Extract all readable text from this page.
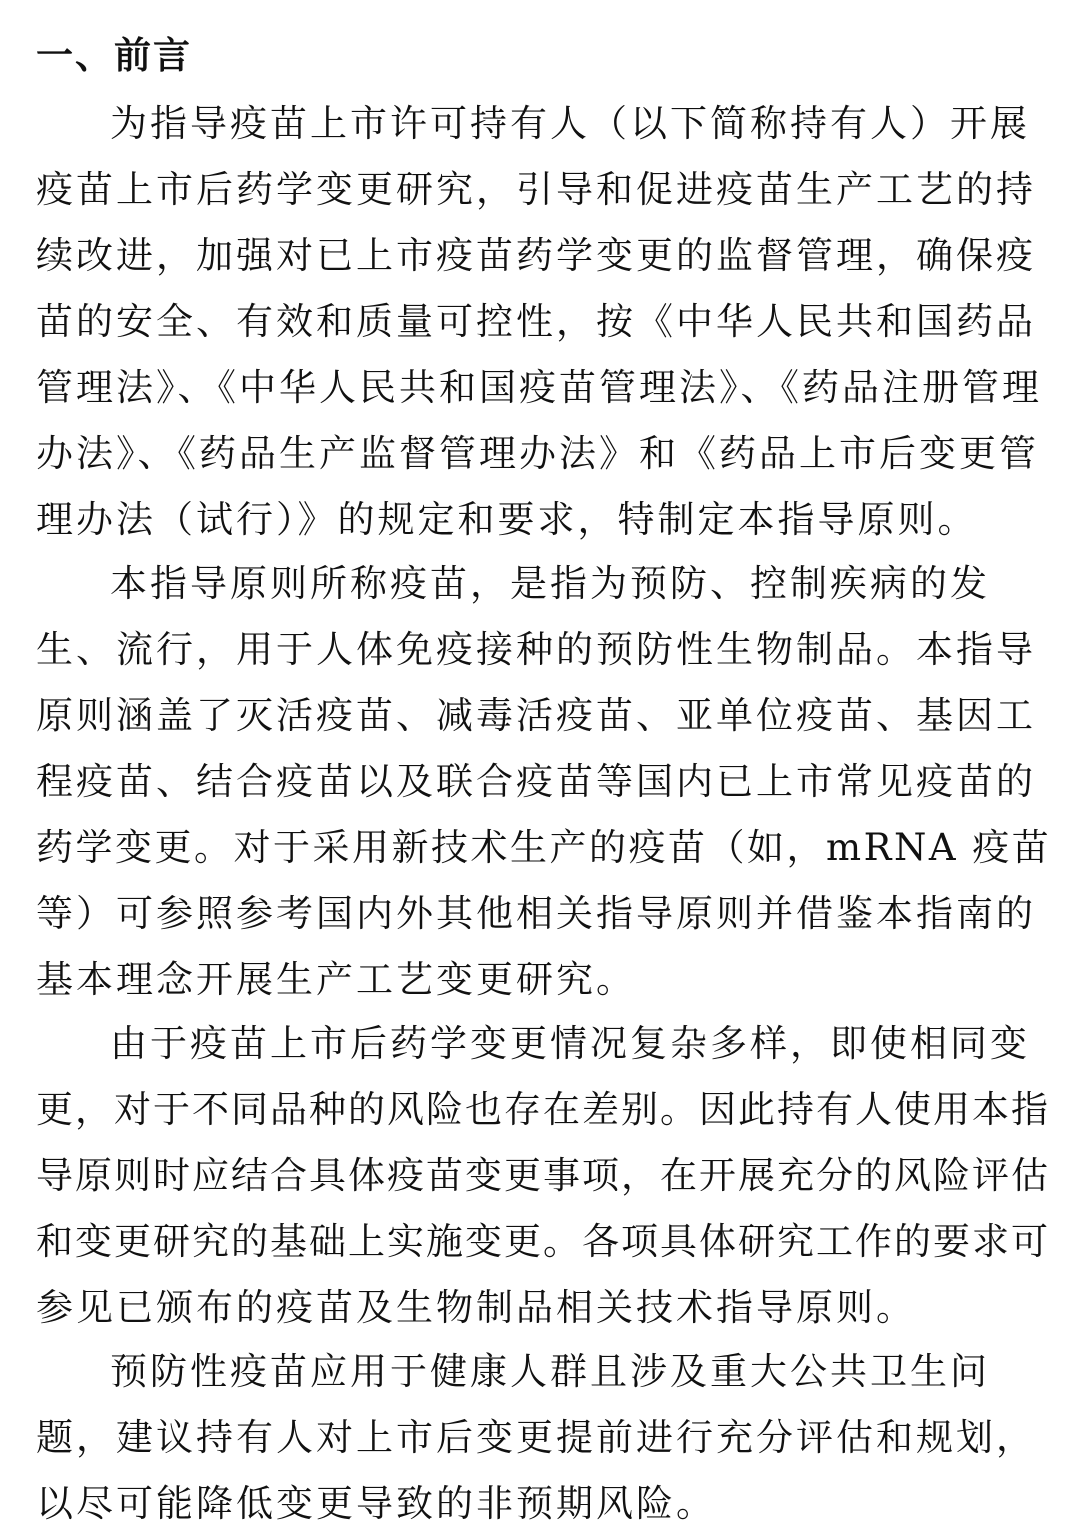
一、前言

为指导疫苗上市许可持有人（以下简称持有人）开展

疫苗上市后药学变更研究，引导和促进疫苗生产工艺的持

续改进，加强对已上市疫苗药学变更的监督管理，确保疫

苗的安全、有效和质量可控性，按《中华人民共和国药品

管理法》、《中华人民共和国疫苗管理法》、《药品注册管理

办法》、《药品生产监督管理办法》和《药品上市后变更管

理办法（试行）》的规定和要求，特制定本指导原则。

本指导原则所称疫苗，是指为预防、控制疾病的发

生、流行，用于人体免疫接种的预防性生物制品。本指导

原则涵盖了灭活疫苗、减毒活疫苗、亚单位疫苗、基因工

程疫苗、结合疫苗以及联合疫苗等国内已上市常见疫苗的

药学变更。对于采用新技术生产的疫苗（如，mRNA 疫苗

等）可参照参考国内外其他相关指导原则并借鉴本指南的

基本理念开展生产工艺变更研究。

由于疫苗上市后药学变更情况复杂多样，即使相同变

更，对于不同品种的风险也存在差别。因此持有人使用本指

导原则时应结合具体疫苗变更事项，在开展充分的风险评估

和变更研究的基础上实施变更。各项具体研究工作的要求可

参见已颁布的疫苗及生物制品相关技术指导原则。

预防性疫苗应用于健康人群且涉及重大公共卫生问

题，建议持有人对上市后变更提前进行充分评估和规划，

以尽可能降低变更导致的非预期风险。
